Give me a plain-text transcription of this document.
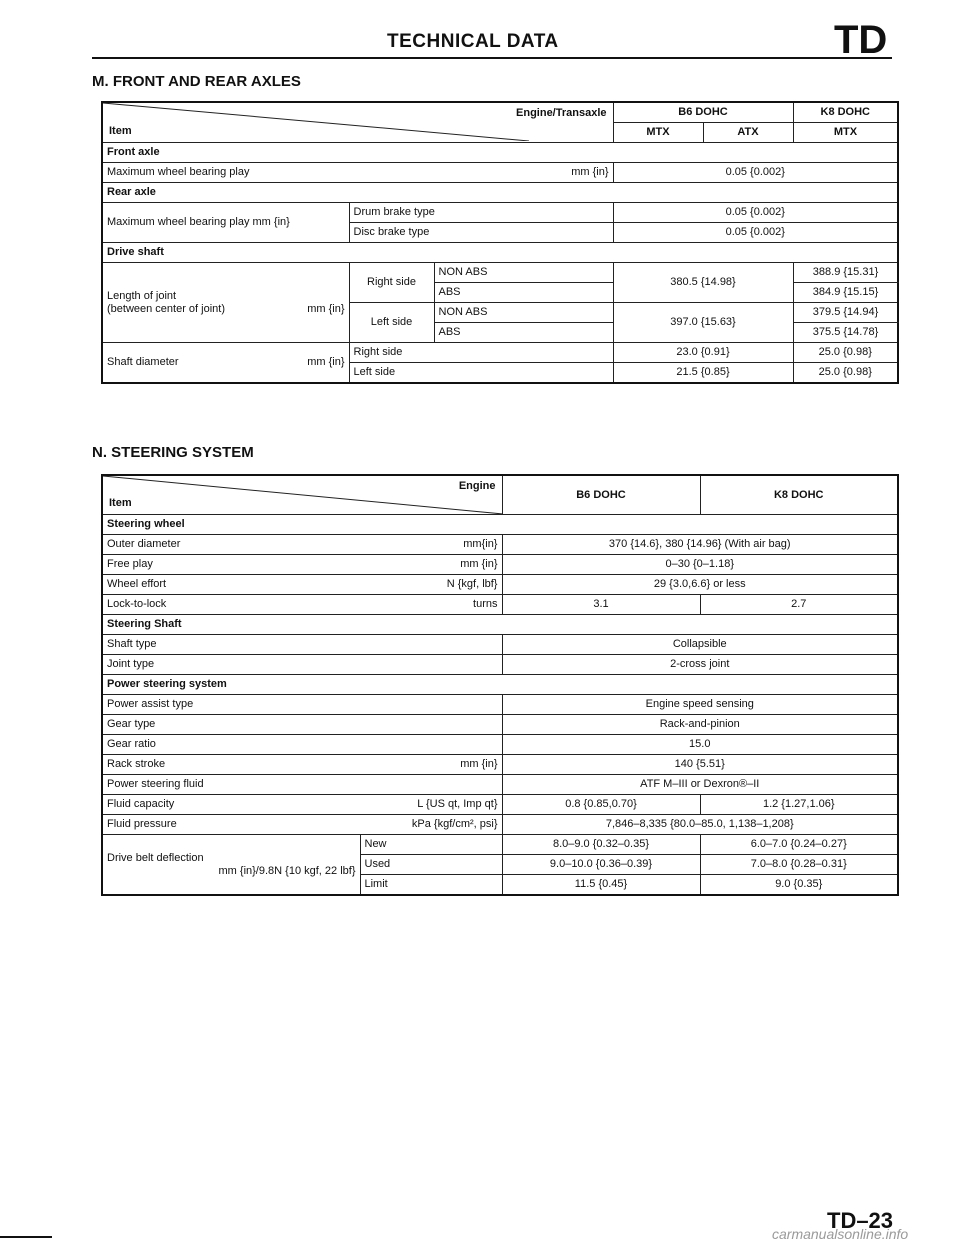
TECHNICAL DATA	TD
M. FRONT AND REAR AXLES
Engine/Transaxle
Item			B6 DOHC		K8 DOHC	
			MTX	ATX	MTX	
Front axle						

Maximum wheel bearing play mm {in}			0.05 {0.002}			
Rear axle						
Maximum wheel bearing play mm {in}	Drum brake type		0.05 {0.002}			
	Disc brake type		0.05 {0.002}			
Drive shaft						

Length of joint
(between center of joint) mm {in}	Right side	NON ABS	380.5 {14.98}		388.9 {15.31}	
		ABS			384.9 {15.15}	
	Left side	NON ABS	397.0 {15.63}		379.5 {14.94}	
		ABS			375.5 {14.78}	

Shaft diameter mm {in}	Right side		23.0 {0.91}		25.0 {0.98}	
	Left side		21.5 {0.85}		25.0 {0.98}	
N. STEERING SYSTEM
Engine
Item		B6 DOHC	K8 DOHC
Steering wheel			

Outer diameter mm{in}		370 {14.6}, 380 {14.96} (With air bag)	

Free play mm {in}		0–30 {0–1.18}	

Wheel effort N {kgf, lbf}		29 {3.0,6.6} or less	

Lock-to-lock turns		3.1	2.7
Steering Shaft			
Shaft type		Collapsible	
Joint type		2-cross joint	
Power steering system			
Power assist type		Engine speed sensing	
Gear type		Rack-and-pinion	
Gear ratio		15.0	

Rack stroke mm {in}		140 {5.51}	
Power steering fluid		ATF M–III or Dexron®–II	

Fluid capacity L {US qt, Imp qt}		0.8 {0.85,0.70}	1.2 {1.27,1.06}

Fluid pressure kPa {kgf/cm², psi}		7,846–8,335 {80.0–85.0, 1,138–1,208}	

Drive belt deflection
mm {in}/9.8N {10 kgf, 22 lbf}	New	8.0–9.0 {0.32–0.35}	6.0–7.0 {0.24–0.27}
	Used	9.0–10.0 {0.36–0.39}	7.0–8.0 {0.28–0.31}
	Limit	11.5 {0.45}	9.0 {0.35}
TD–23
carmanualsonline.info
